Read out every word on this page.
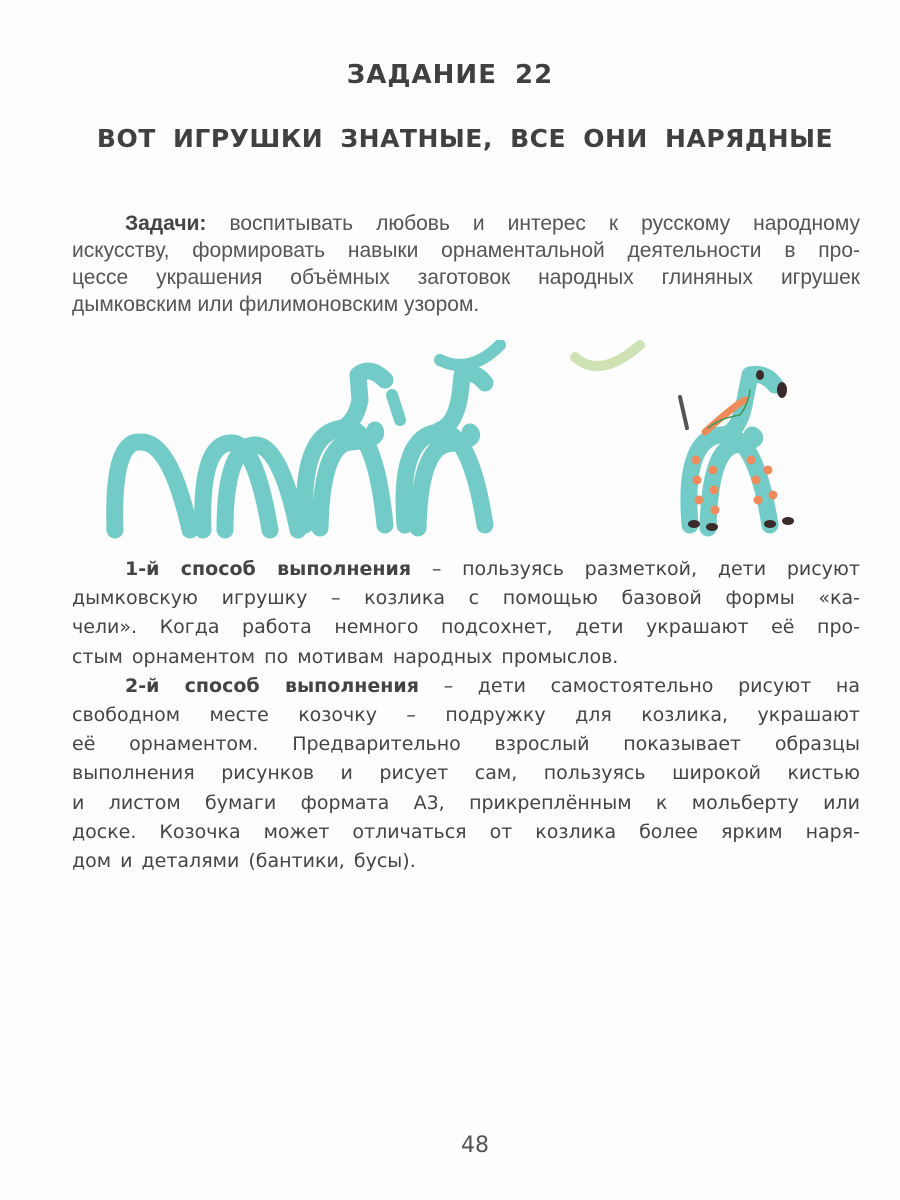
ЗАДАНИЕ 22
ВОТ ИГРУШКИ ЗНАТНЫЕ, ВСЕ ОНИ НАРЯДНЫЕ
Задачи: воспитывать любовь и интерес к русскому народному
искусству, формировать навыки орнаментальной деятельности в про-
цессе украшения объёмных заготовок народных глиняных игрушек
дымковским или филимоновским узором.
1-й способ выполнения – пользуясь разметкой, дети рисуют
дымковскую игрушку – козлика с помощью базовой формы «ка-
чели». Когда работа немного подсохнет, дети украшают её про-
стым орнаментом по мотивам народных промыслов.
2-й способ выполнения – дети самостоятельно рисуют на
свободном месте козочку – подружку для козлика, украшают
её орнаментом. Предварительно взрослый показывает образцы
выполнения рисунков и рисует сам, пользуясь широкой кистью
и листом бумаги формата А3, прикреплённым к мольберту или
доске. Козочка может отличаться от козлика более ярким наря-
дом и деталями (бантики, бусы).
48
